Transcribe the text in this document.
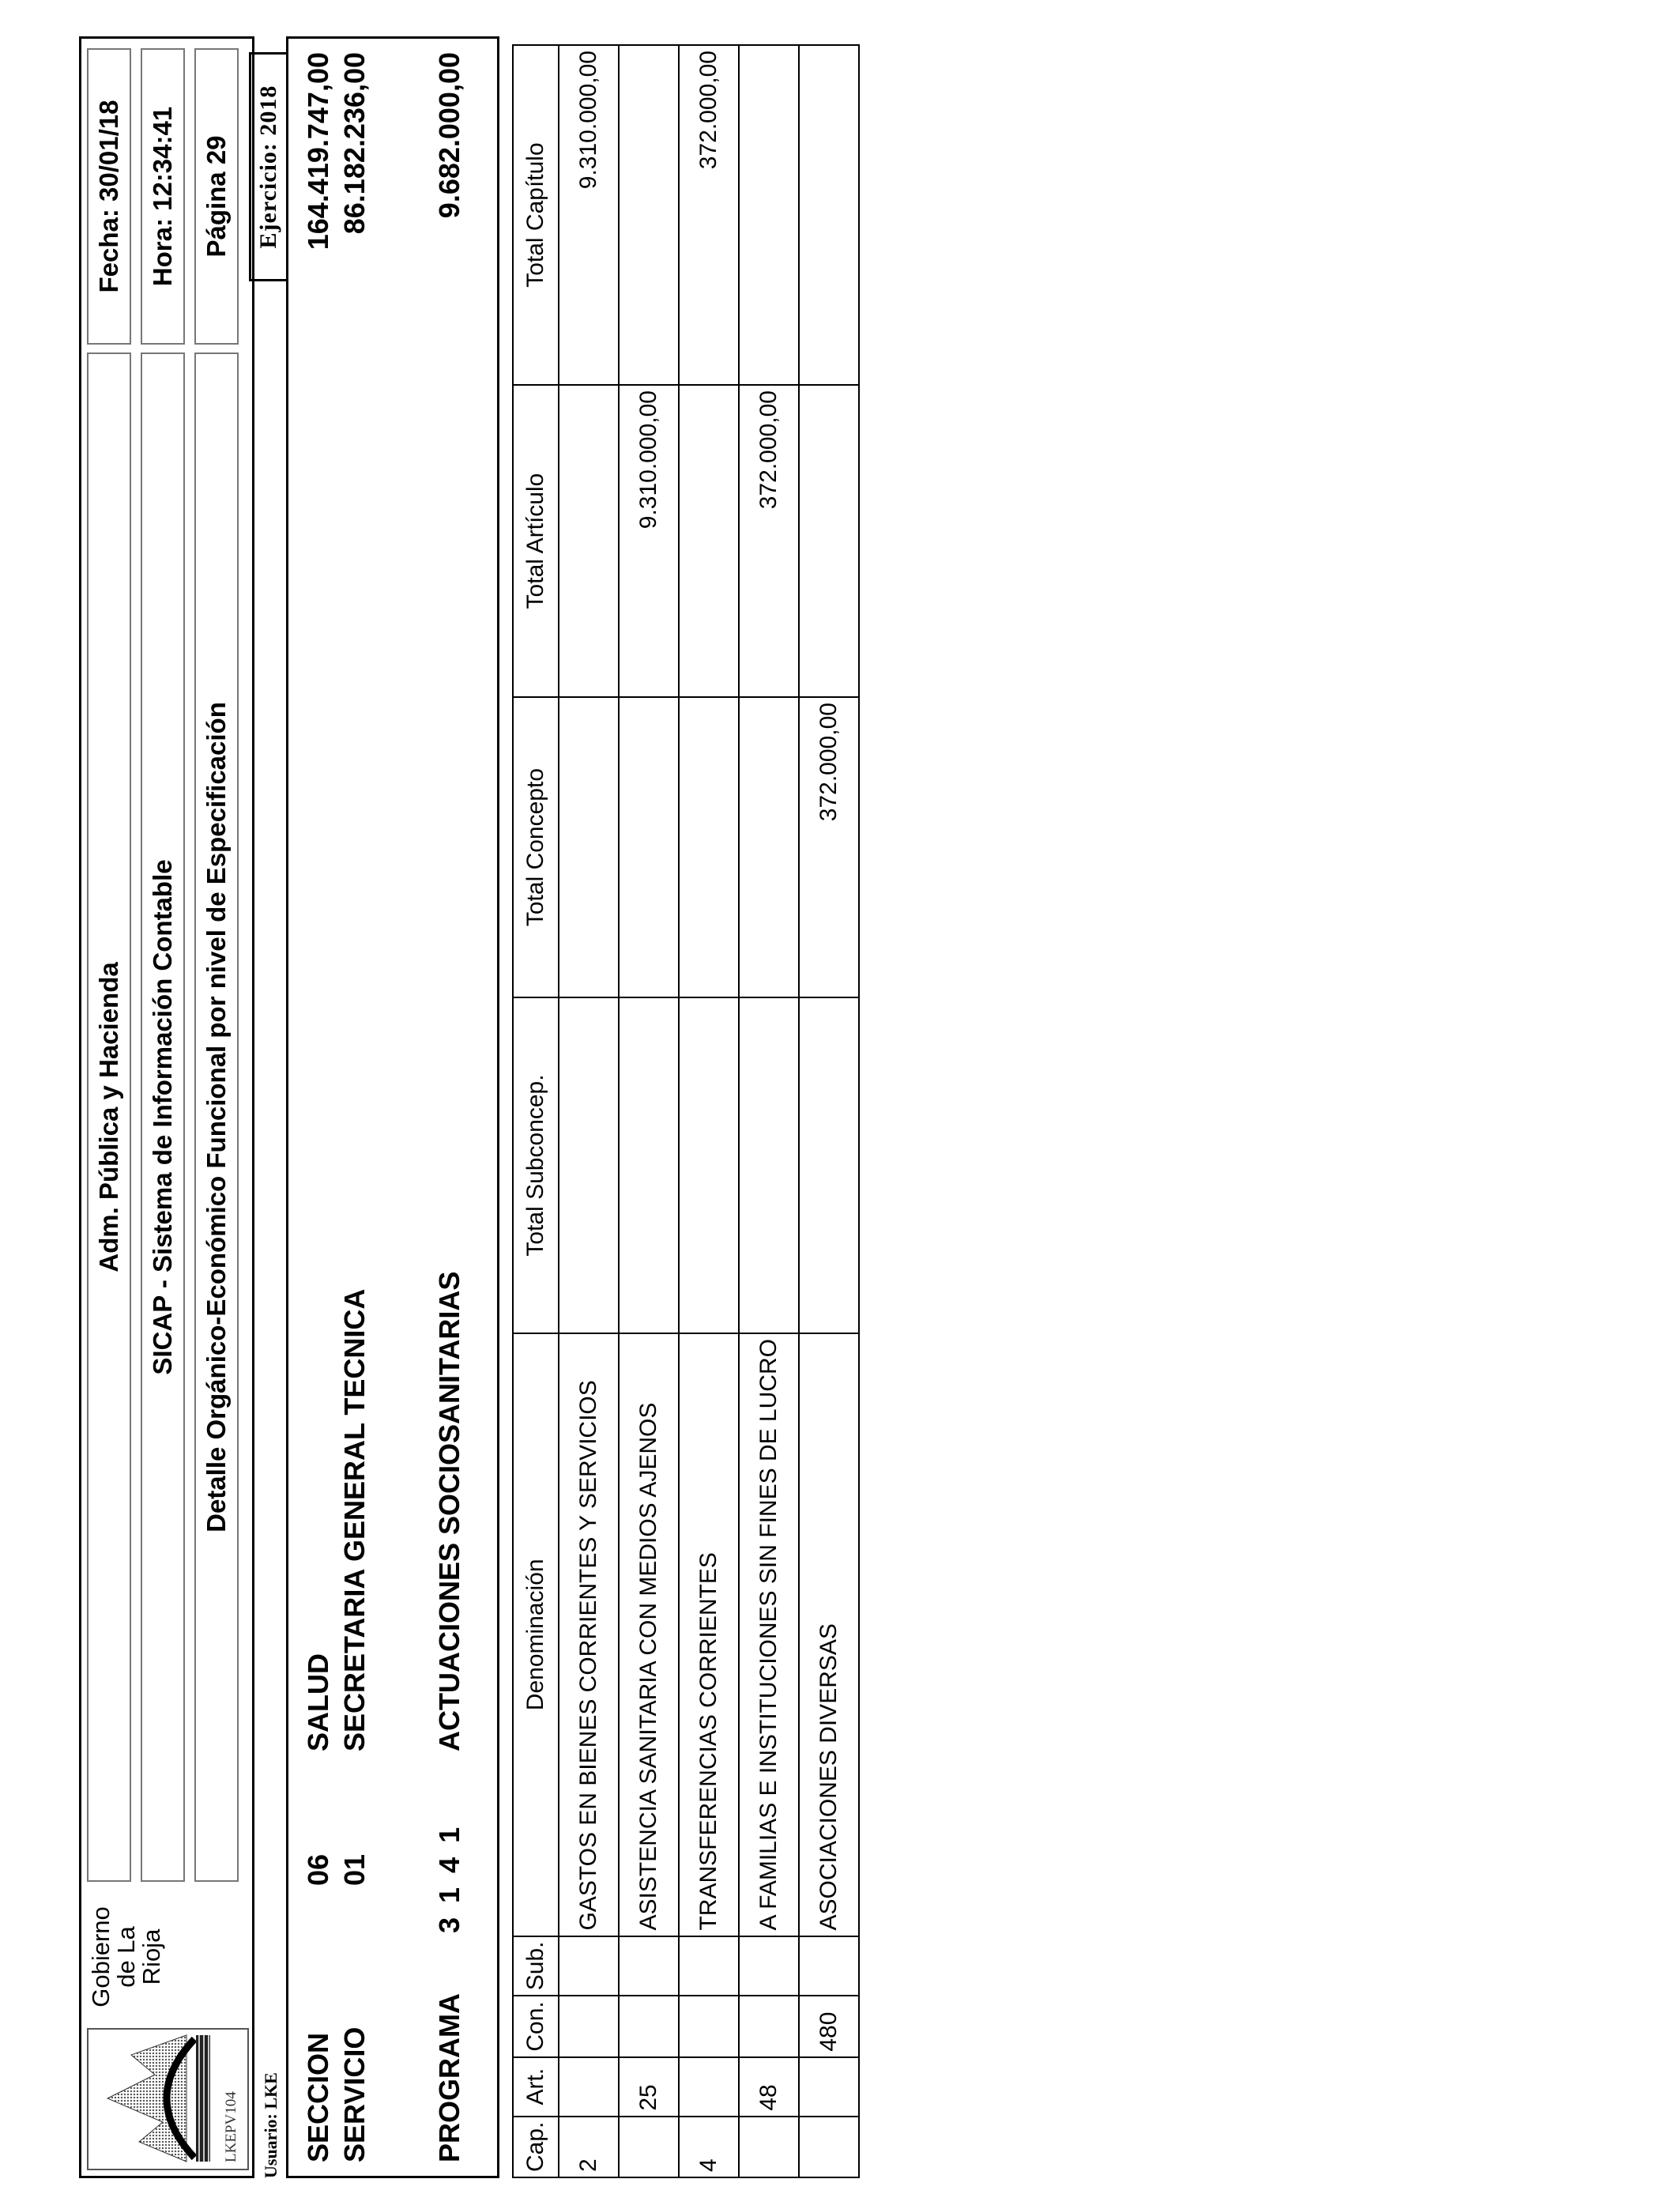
LKEPV104
Gobierno
de La
Rioja
Adm. Pública y Hacienda SICAP - Sistema de Información Contable Detalle Orgánico-Económico Funcional por nivel de Especificación
Fecha: 30/01/18 Hora: 12:34:41 Página 29
Usuario: LKE
Ejercicio: 2018
SECCION
06
SALUD
164.419.747,00
SERVICIO
01
SECRETARIA GENERAL TECNICA
86.182.236,00
PROGRAMA
3 1 4 1
ACTUACIONES SOCIOSANITARIAS
9.682.000,00
Cap.	Art.	Con.	Sub.	Denominación	Total Subconcep.	Total Concepto	Total Artículo	Total Capítulo
2				GASTOS EN BIENES CORRIENTES Y SERVICIOS				9.310.000,00
	25			ASISTENCIA SANITARIA CON MEDIOS AJENOS			9.310.000,00	
4				TRANSFERENCIAS CORRIENTES				372.000,00
	48			A FAMILIAS E INSTITUCIONES SIN FINES DE LUCRO			372.000,00	
		480		ASOCIACIONES DIVERSAS		372.000,00		
